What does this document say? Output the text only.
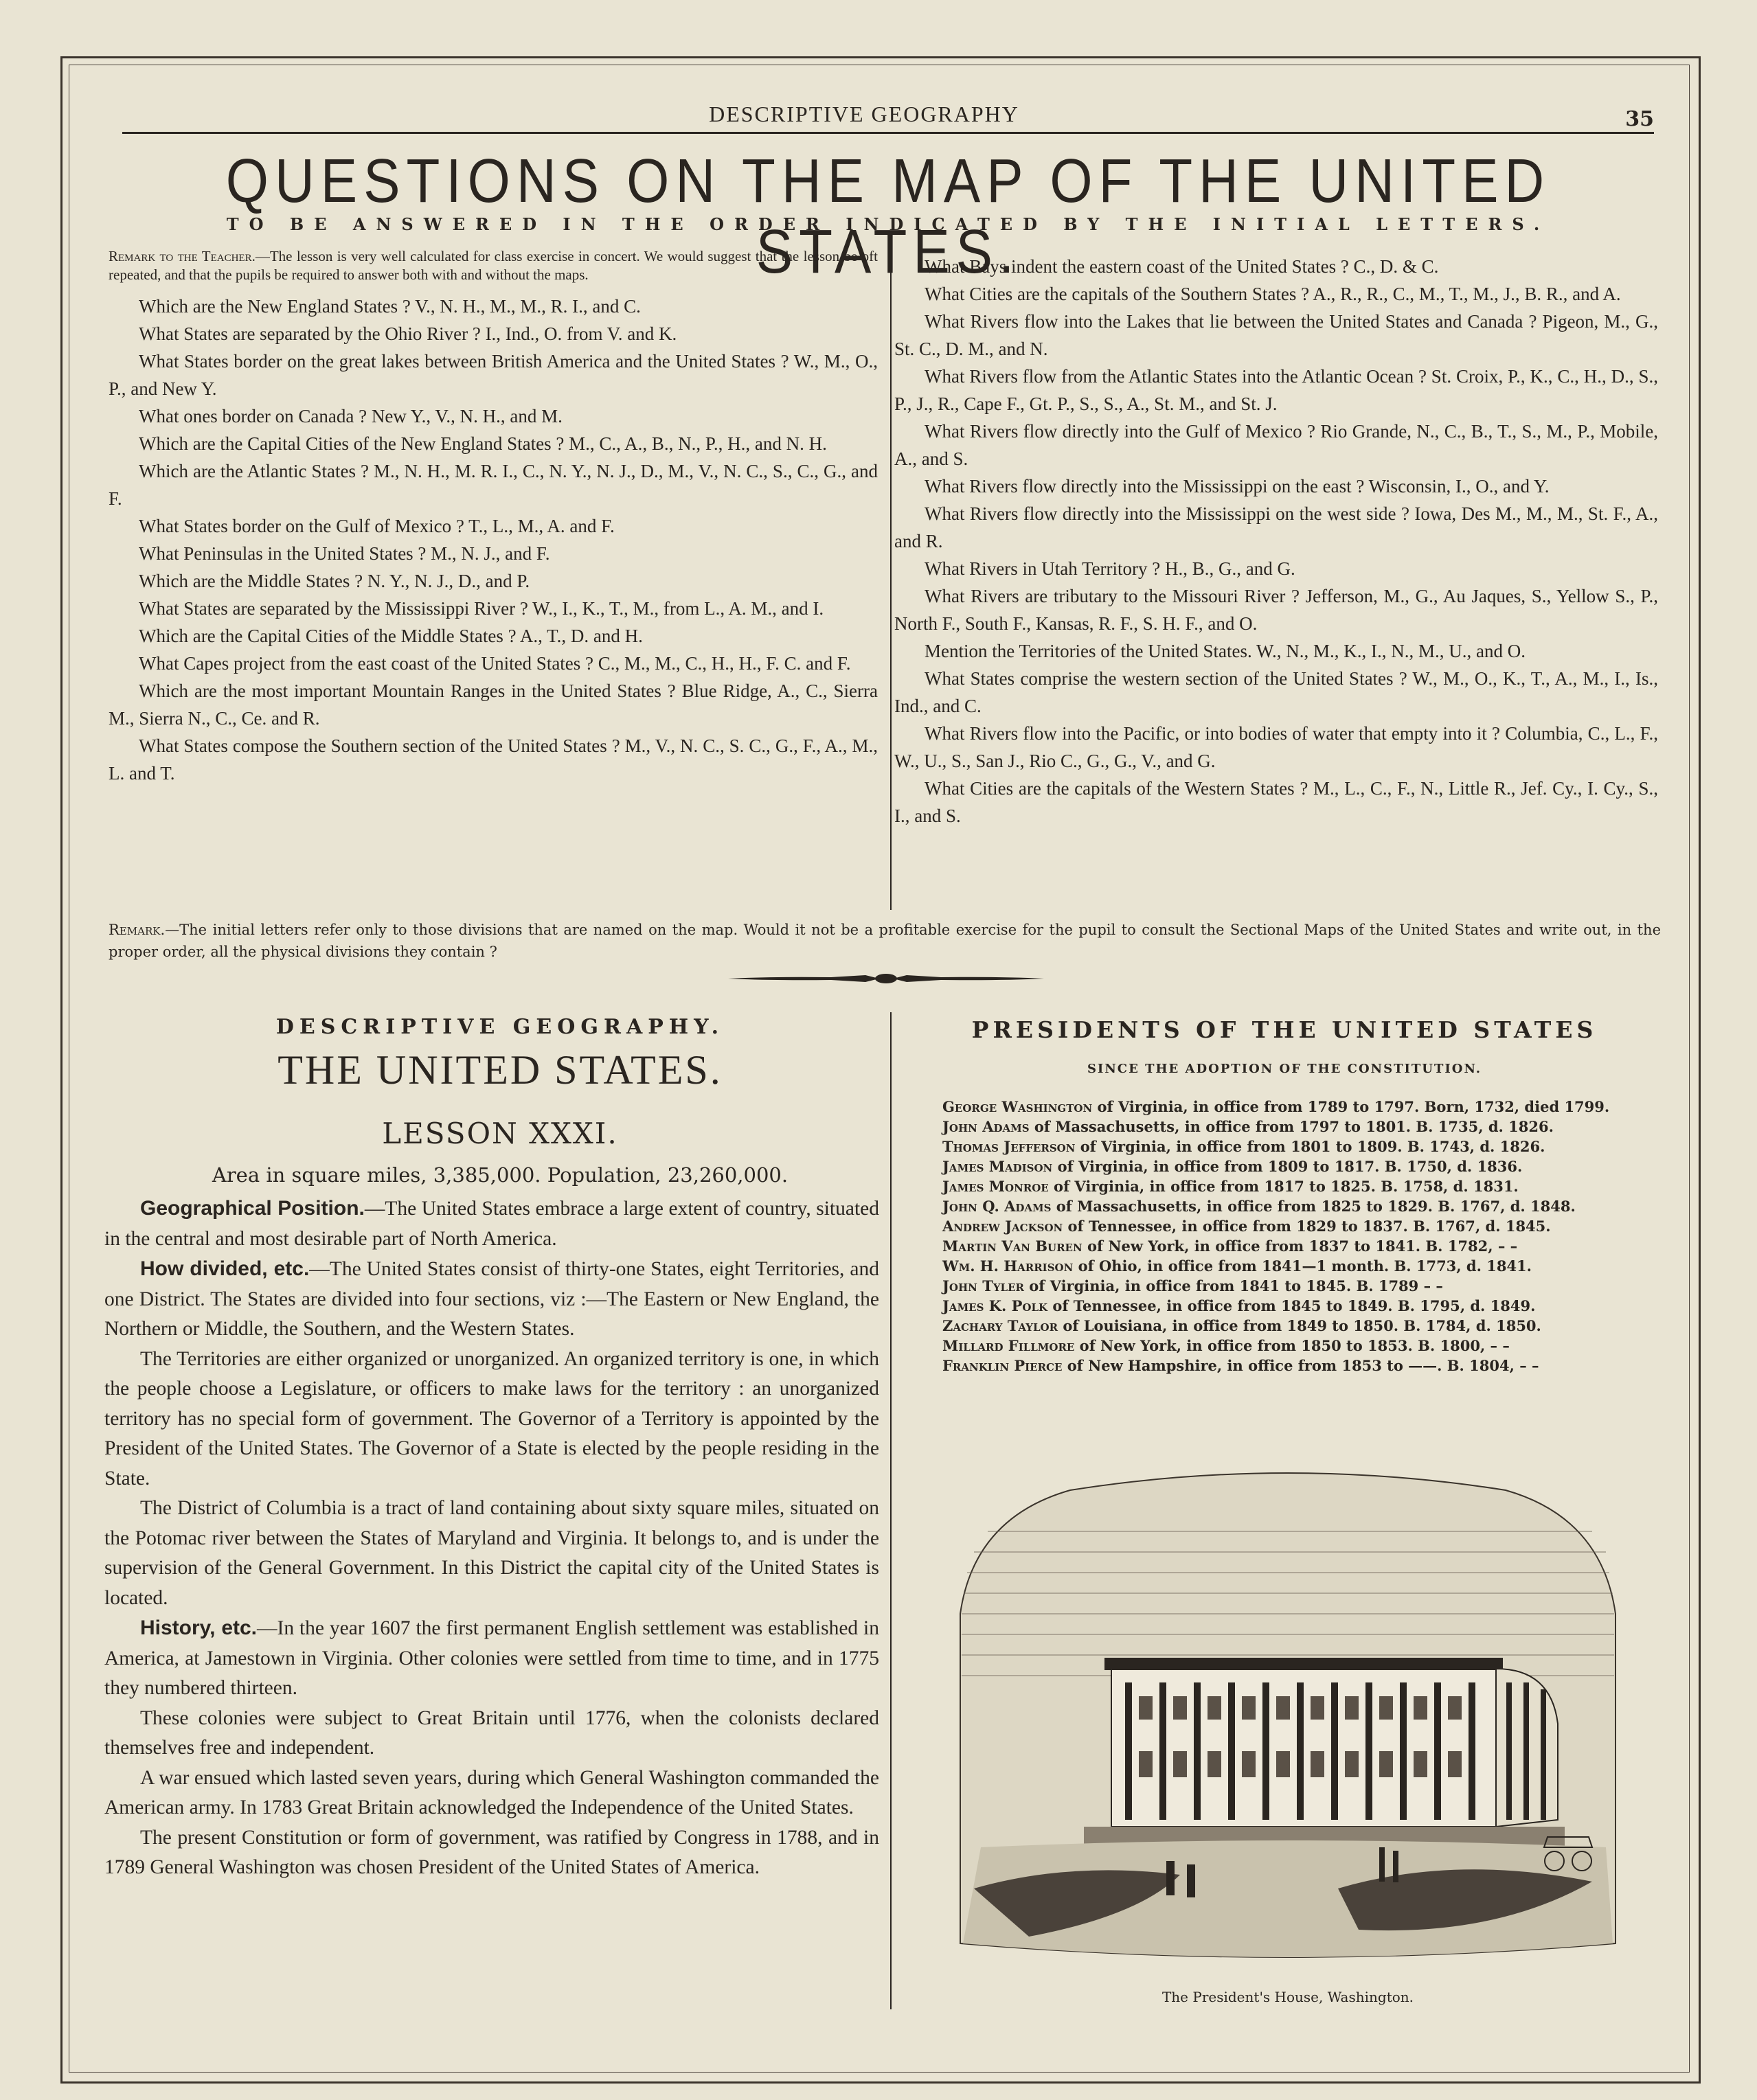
DESCRIPTIVE GEOGRAPHY	35
QUESTIONS ON THE MAP OF THE UNITED STATES.
TO BE ANSWERED IN THE ORDER INDICATED BY THE INITIAL LETTERS.

Remark to the Teacher.—The lesson is very well calculated for class exercise in concert. We would suggest that the lesson be oft repeated, and that the pupils be required to answer both with and without the maps.

Which are the New England States ? V., N. H., M., M., R. I., and C.

What States are separated by the Ohio River ? I., Ind., O. from V. and K.

What States border on the great lakes between British America and the United States ? W., M., O., P., and New Y.

What ones border on Canada ? New Y., V., N. H., and M.

Which are the Capital Cities of the New England States ? M., C., A., B., N., P., H., and N. H.

Which are the Atlantic States ? M., N. H., M. R. I., C., N. Y., N. J., D., M., V., N. C., S., C., G., and F.

What States border on the Gulf of Mexico ? T., L., M., A. and F.

What Peninsulas in the United States ? M., N. J., and F.

Which are the Middle States ? N. Y., N. J., D., and P.

What States are separated by the Mississippi River ? W., I., K., T., M., from L., A. M., and I.

Which are the Capital Cities of the Middle States ? A., T., D. and H.

What Capes project from the east coast of the United States ? C., M., M., C., H., H., F. C. and F.

Which are the most important Mountain Ranges in the United States ? Blue Ridge, A., C., Sierra M., Sierra N., C., Ce. and R.

What States compose the Southern section of the United States ? M., V., N. C., S. C., G., F., A., M., L. and T.

What Bays indent the eastern coast of the United States ? C., D. & C.

What Cities are the capitals of the Southern States ? A., R., R., C., M., T., M., J., B. R., and A.

What Rivers flow into the Lakes that lie between the United States and Canada ? Pigeon, M., G., St. C., D. M., and N.

What Rivers flow from the Atlantic States into the Atlantic Ocean ? St. Croix, P., K., C., H., D., S., P., J., R., Cape F., Gt. P., S., S., A., St. M., and St. J.

What Rivers flow directly into the Gulf of Mexico ? Rio Grande, N., C., B., T., S., M., P., Mobile, A., and S.

What Rivers flow directly into the Mississippi on the east ? Wisconsin, I., O., and Y.

What Rivers flow directly into the Mississippi on the west side ? Iowa, Des M., M., M., St. F., A., and R.

What Rivers in Utah Territory ? H., B., G., and G.

What Rivers are tributary to the Missouri River ? Jefferson, M., G., Au Jaques, S., Yellow S., P., North F., South F., Kansas, R. F., S. H. F., and O.

Mention the Territories of the United States. W., N., M., K., I., N., M., U., and O.

What States comprise the western section of the United States ? W., M., O., K., T., A., M., I., Is., Ind., and C.

What Rivers flow into the Pacific, or into bodies of water that empty into it ? Columbia, C., L., F., W., U., S., San J., Rio C., G., G., V., and G.

What Cities are the capitals of the Western States ? M., L., C., F., N., Little R., Jef. Cy., I. Cy., S., I., and S.

Remark.—The initial letters refer only to those divisions that are named on the map. Would it not be a profitable exercise for the pupil to consult the Sectional Maps of the United States and write out, in the proper order, all the physical divisions they contain ?
DESCRIPTIVE GEOGRAPHY.
THE UNITED STATES.
LESSON XXXI.
Area in square miles, 3,385,000. Population, 23,260,000.

Geographical Position.—The United States embrace a large extent of country, situated in the central and most desirable part of North America.

How divided, etc.—The United States consist of thirty-one States, eight Territories, and one District. The States are divided into four sections, viz :—The Eastern or New England, the Northern or Middle, the Southern, and the Western States.

The Territories are either organized or unorganized. An organized territory is one, in which the people choose a Legislature, or officers to make laws for the territory : an unorganized territory has no special form of government. The Governor of a Territory is appointed by the President of the United States. The Governor of a State is elected by the people residing in the State.

The District of Columbia is a tract of land containing about sixty square miles, situated on the Potomac river between the States of Maryland and Virginia. It belongs to, and is under the supervision of the General Government. In this District the capital city of the United States is located.

History, etc.—In the year 1607 the first permanent English settlement was established in America, at Jamestown in Virginia. Other colonies were settled from time to time, and in 1775 they numbered thirteen.

These colonies were subject to Great Britain until 1776, when the colonists declared themselves free and independent.

A war ensued which lasted seven years, during which General Washington commanded the American army. In 1783 Great Britain acknowledged the Independence of the United States.

The present Constitution or form of government, was ratified by Congress in 1788, and in 1789 General Washington was chosen President of the United States of America.

PRESIDENTS OF THE UNITED STATES
SINCE THE ADOPTION OF THE CONSTITUTION.
George Washington of Virginia, in office from 1789 to 1797. Born, 1732, died 1799.
John Adams of Massachusetts, in office from 1797 to 1801. B. 1735, d. 1826.
Thomas Jefferson of Virginia, in office from 1801 to 1809. B. 1743, d. 1826.
James Madison of Virginia, in office from 1809 to 1817. B. 1750, d. 1836.
James Monroe of Virginia, in office from 1817 to 1825. B. 1758, d. 1831.
John Q. Adams of Massachusetts, in office from 1825 to 1829. B. 1767, d. 1848.
Andrew Jackson of Tennessee, in office from 1829 to 1837. B. 1767, d. 1845.
Martin Van Buren of New York, in office from 1837 to 1841. B. 1782, – –
Wm. H. Harrison of Ohio, in office from 1841—1 month. B. 1773, d. 1841.
John Tyler of Virginia, in office from 1841 to 1845. B. 1789 – –
James K. Polk of Tennessee, in office from 1845 to 1849. B. 1795, d. 1849.
Zachary Taylor of Louisiana, in office from 1849 to 1850. B. 1784, d. 1850.
Millard Fillmore of New York, in office from 1850 to 1853. B. 1800, – –
Franklin Pierce of New Hampshire, in office from 1853 to ——. B. 1804, – –
The President's House, Washington.
